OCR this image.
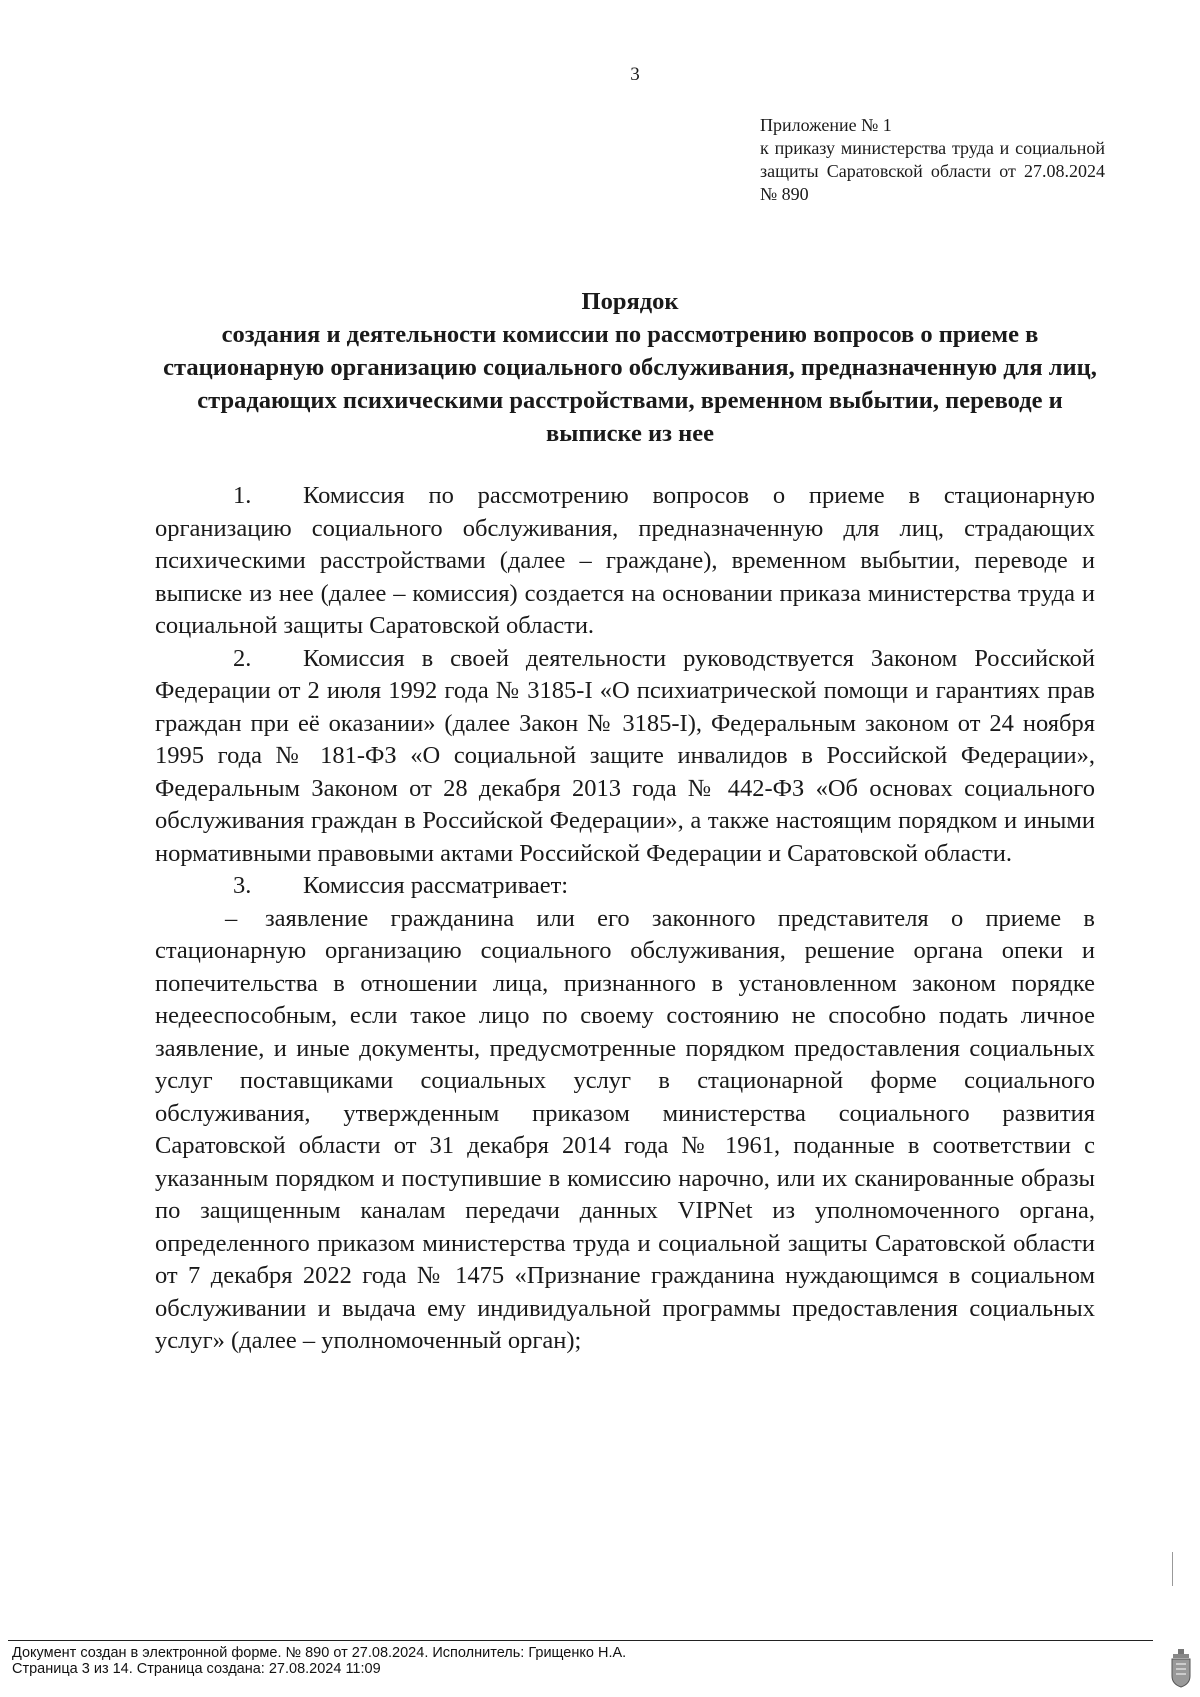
3
Приложение № 1
к приказу министерства труда и социальной защиты Саратовской области от 27.08.2024 № 890
Порядок
создания и деятельности комиссии по рассмотрению вопросов о приеме в стационарную организацию социального обслуживания, предназначенную для лиц, страдающих психическими расстройствами, временном выбытии, переводе и выписке из нее

1. Комиссия по рассмотрению вопросов о приеме в стационарную организацию социального обслуживания, предназначенную для лиц, страдающих психическими расстройствами (далее – граждане), временном выбытии, переводе и выписке из нее (далее – комиссия) создается на основании приказа министерства труда и социальной защиты Саратовской области.

2. Комиссия в своей деятельности руководствуется Законом Российской Федерации от 2 июля 1992 года № 3185-I «О психиатрической помощи и гарантиях прав граждан при её оказании» (далее Закон № 3185-I), Федеральным законом от 24 ноября 1995 года № 181-ФЗ «О социальной защите инвалидов в Российской Федерации», Федеральным Законом от 28 декабря 2013 года № 442-ФЗ «Об основах социального обслуживания граждан в Российской Федерации», а также настоящим порядком и иными нормативными правовыми актами Российской Федерации и Саратовской области.

3. Комиссия рассматривает:

– заявление гражданина или его законного представителя о приеме в стационарную организацию социального обслуживания, решение органа опеки и попечительства в отношении лица, признанного в установленном законом порядке недееспособным, если такое лицо по своему состоянию не способно подать личное заявление, и иные документы, предусмотренные порядком предоставления социальных услуг поставщиками социальных услуг в стационарной форме социального обслуживания, утвержденным приказом министерства социального развития Саратовской области от 31 декабря 2014 года № 1961, поданные в соответствии с указанным порядком и поступившие в комиссию нарочно, или их сканированные образы по защищенным каналам передачи данных VIPNet из уполномоченного органа, определенного приказом министерства труда и социальной защиты Саратовской области от 7 декабря 2022 года № 1475 «Признание гражданина нуждающимся в социальном обслуживании и выдача ему индивидуальной программы предоставления социальных услуг» (далее – уполномоченный орган);

Документ создан в электронной форме. № 890 от 27.08.2024. Исполнитель: Грищенко Н.А.
Страница 3 из 14. Страница создана: 27.08.2024 11:09
